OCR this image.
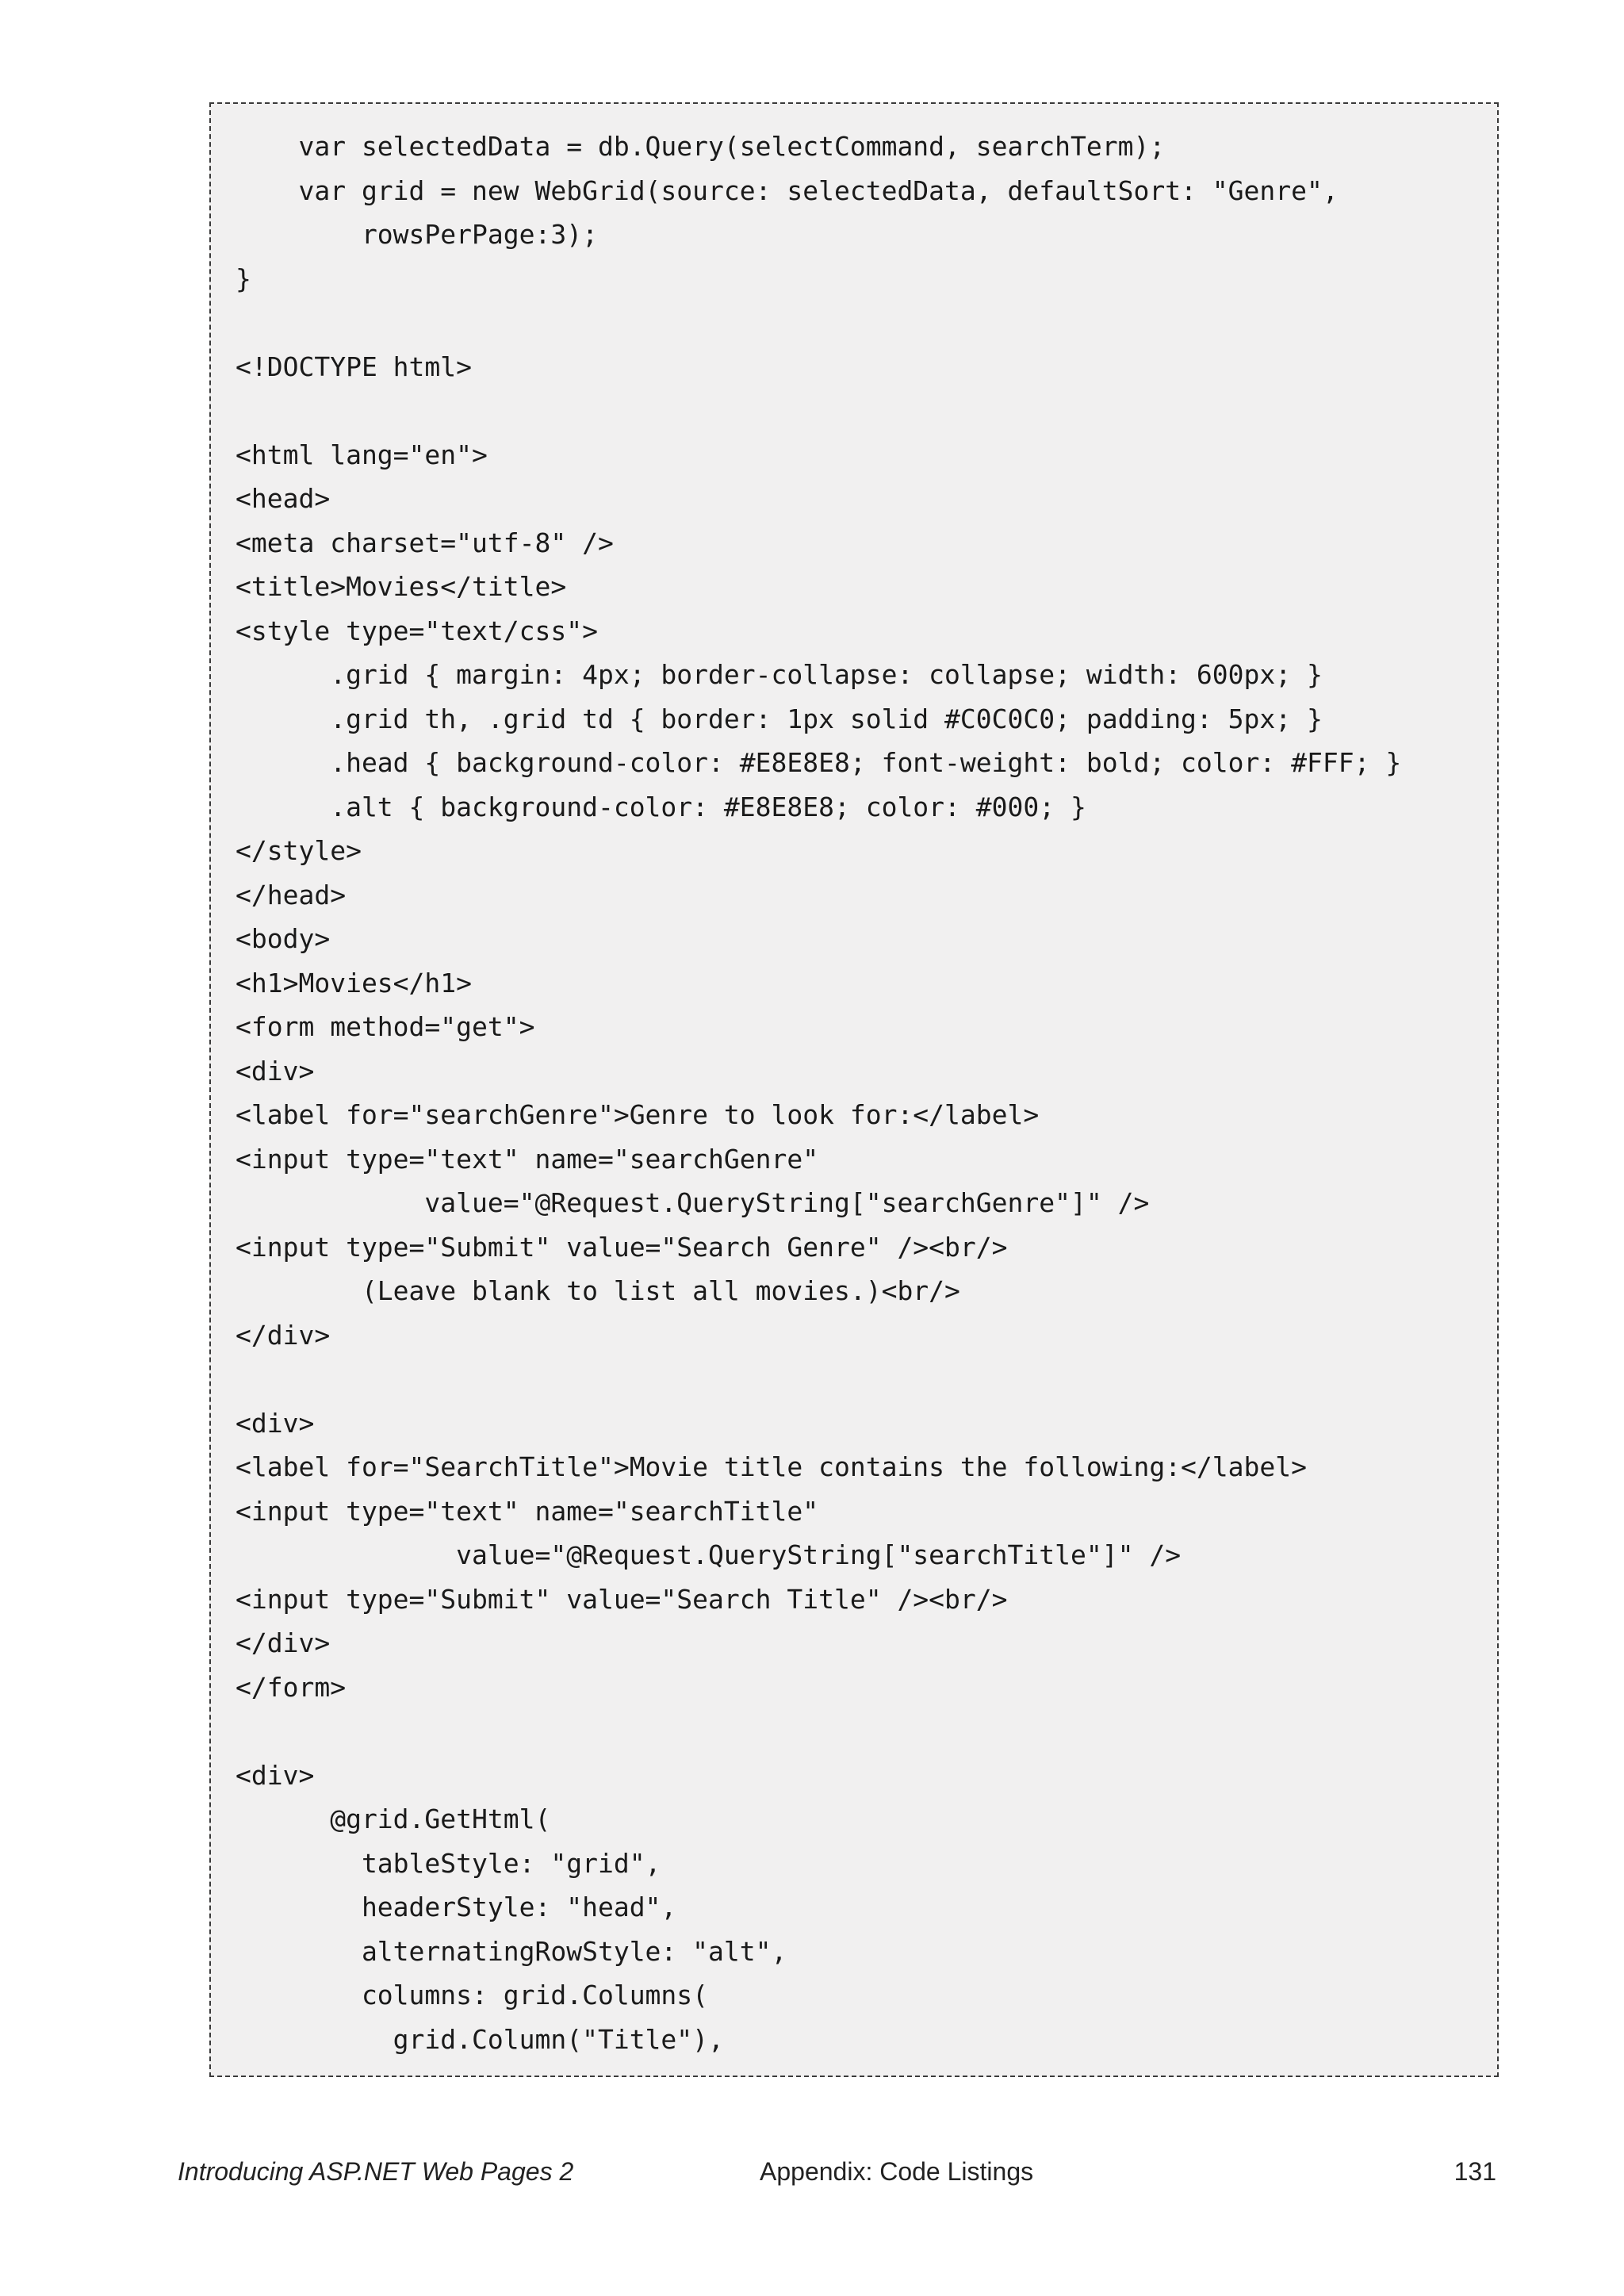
var selectedData = db.Query(selectCommand, searchTerm);
var grid = new WebGrid(source: selectedData, defaultSort: "Genre",
rowsPerPage:3);
}
<!DOCTYPE html>
<html lang="en">
<head>
<meta charset="utf-8" />
<title>Movies</title>
<style type="text/css">
.grid { margin: 4px; border-collapse: collapse; width: 600px; }
.grid th, .grid td { border: 1px solid #C0C0C0; padding: 5px; }
.head { background-color: #E8E8E8; font-weight: bold; color: #FFF; }
.alt { background-color: #E8E8E8; color: #000; }
</style>
</head>
<body>
<h1>Movies</h1>
<form method="get">
<div>
<label for="searchGenre">Genre to look for:</label>
<input type="text" name="searchGenre"
value="@Request.QueryString["searchGenre"]" />
<input type="Submit" value="Search Genre" /><br/>
(Leave blank to list all movies.)<br/>
</div>
<div>
<label for="SearchTitle">Movie title contains the following:</label>
<input type="text" name="searchTitle"
value="@Request.QueryString["searchTitle"]" />
<input type="Submit" value="Search Title" /><br/>
</div>
</form>
<div>
@grid.GetHtml(
tableStyle: "grid",
headerStyle: "head",
alternatingRowStyle: "alt",
columns: grid.Columns(
grid.Column("Title"),
Introducing ASP.NET Web Pages 2	Appendix: Code Listings	131
